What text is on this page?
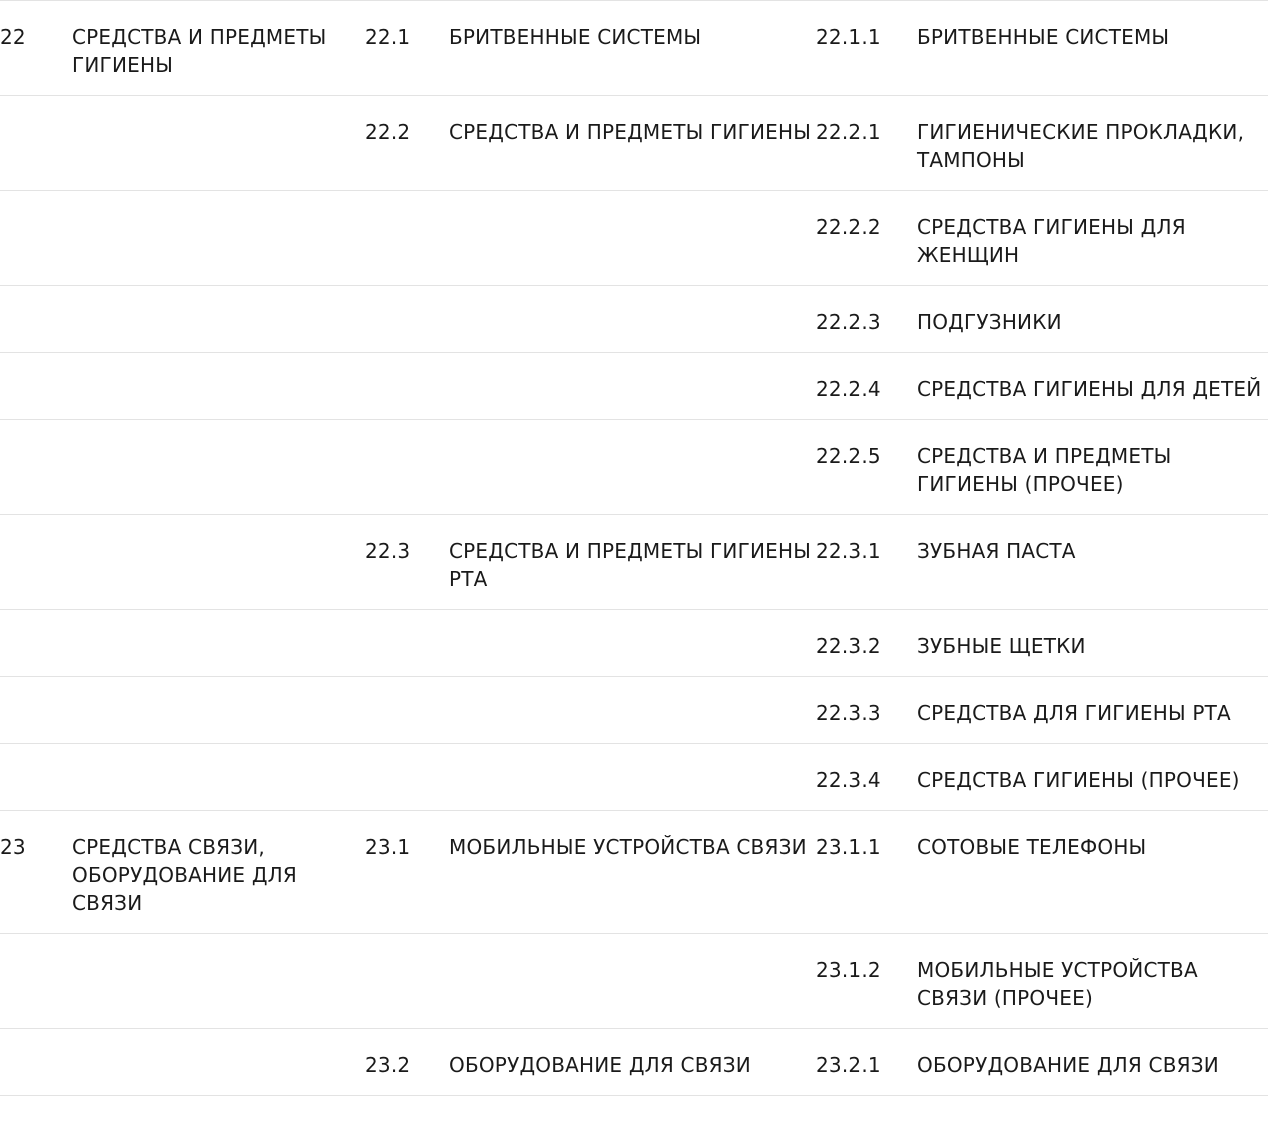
22	СРЕДСТВА И ПРЕДМЕТЫ ГИГИЕНЫ	22.1	БРИТВЕННЫЕ СИСТЕМЫ	22.1.1	БРИТВЕННЫЕ СИСТЕМЫ
		22.2	СРЕДСТВА И ПРЕДМЕТЫ ГИГИЕНЫ	22.2.1	ГИГИЕНИЧЕСКИЕ ПРОКЛАДКИ, ТАМПОНЫ
				22.2.2	СРЕДСТВА ГИГИЕНЫ ДЛЯ ЖЕНЩИН
				22.2.3	ПОДГУЗНИКИ
				22.2.4	СРЕДСТВА ГИГИЕНЫ ДЛЯ ДЕТЕЙ
				22.2.5	СРЕДСТВА И ПРЕДМЕТЫ ГИГИЕНЫ (ПРОЧЕЕ)
		22.3	СРЕДСТВА И ПРЕДМЕТЫ ГИГИЕНЫ РТА	22.3.1	ЗУБНАЯ ПАСТА
				22.3.2	ЗУБНЫЕ ЩЕТКИ
				22.3.3	СРЕДСТВА ДЛЯ ГИГИЕНЫ РТА
				22.3.4	СРЕДСТВА ГИГИЕНЫ (ПРОЧЕЕ)
23	СРЕДСТВА СВЯЗИ, ОБОРУДОВАНИЕ ДЛЯ СВЯЗИ	23.1	МОБИЛЬНЫЕ УСТРОЙСТВА СВЯЗИ	23.1.1	СОТОВЫЕ ТЕЛЕФОНЫ
				23.1.2	МОБИЛЬНЫЕ УСТРОЙСТВА СВЯЗИ (ПРОЧЕЕ)
		23.2	ОБОРУДОВАНИЕ ДЛЯ СВЯЗИ	23.2.1	ОБОРУДОВАНИЕ ДЛЯ СВЯЗИ
